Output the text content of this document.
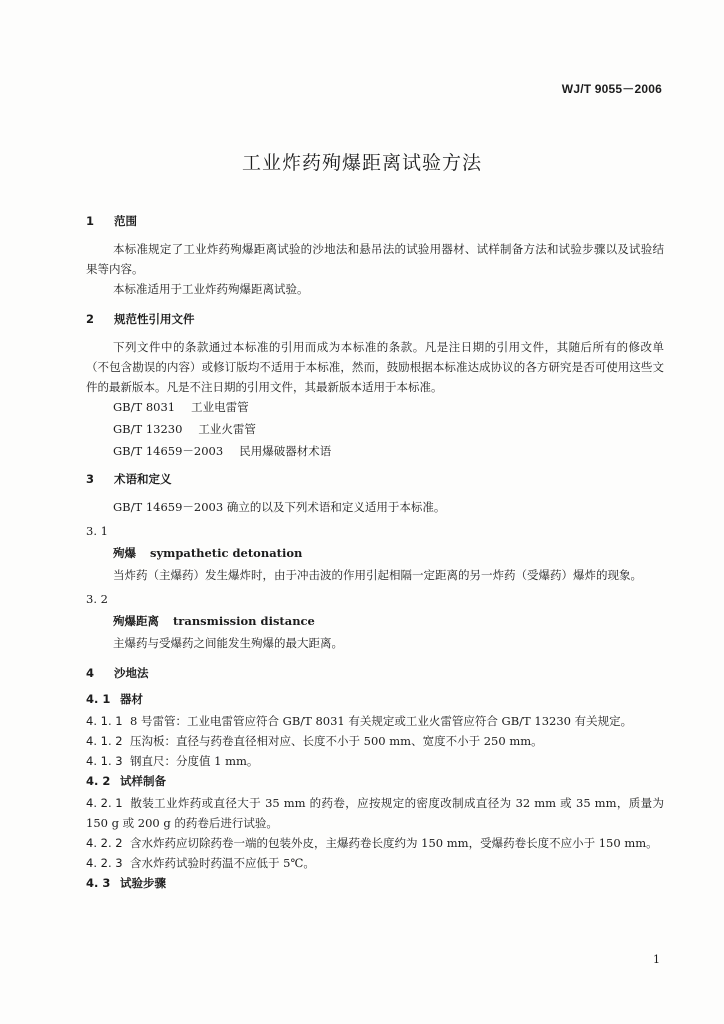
WJ/T 9055－2006
工业炸药殉爆距离试验方法
1 范围

本标准规定了工业炸药殉爆距离试验的沙地法和悬吊法的试验用器材、试样制备方法和试验步骤以及试验结果等内容。

本标准适用于工业炸药殉爆距离试验。

2 规范性引用文件

下列文件中的条款通过本标准的引用而成为本标准的条款。凡是注日期的引用文件，其随后所有的修改单（不包含勘误的内容）或修订版均不适用于本标准，然而，鼓励根据本标准达成协议的各方研究是否可使用这些文件的最新版本。凡是不注日期的引用文件，其最新版本适用于本标准。

GB/T 8031 工业电雷管
GB/T 13230 工业火雷管
GB/T 14659－2003 民用爆破器材术语
3 术语和定义

GB/T 14659－2003 确立的以及下列术语和定义适用于本标准。

3. 1
殉爆 sympathetic detonation

当炸药（主爆药）发生爆炸时，由于冲击波的作用引起相隔一定距离的另一炸药（受爆药）爆炸的现象。

3. 2
殉爆距离 transmission distance

主爆药与受爆药之间能发生殉爆的最大距离。

4 沙地法
4. 1 器材

4. 1. 1 8 号雷管：工业电雷管应符合 GB/T 8031 有关规定或工业火雷管应符合 GB/T 13230 有关规定。

4. 1. 2 压沟板：直径与药卷直径相对应、长度不小于 500 mm、宽度不小于 250 mm。

4. 1. 3 钢直尺：分度值 1 mm。

4. 2 试样制备

4. 2. 1 散装工业炸药或直径大于 35 mm 的药卷，应按规定的密度改制成直径为 32 mm 或 35 mm，质量为 150 g 或 200 g 的药卷后进行试验。

4. 2. 2 含水炸药应切除药卷一端的包装外皮，主爆药卷长度约为 150 mm，受爆药卷长度不应小于 150 mm。

4. 2. 3 含水炸药试验时药温不应低于 5℃。

4. 3 试验步骤
1
